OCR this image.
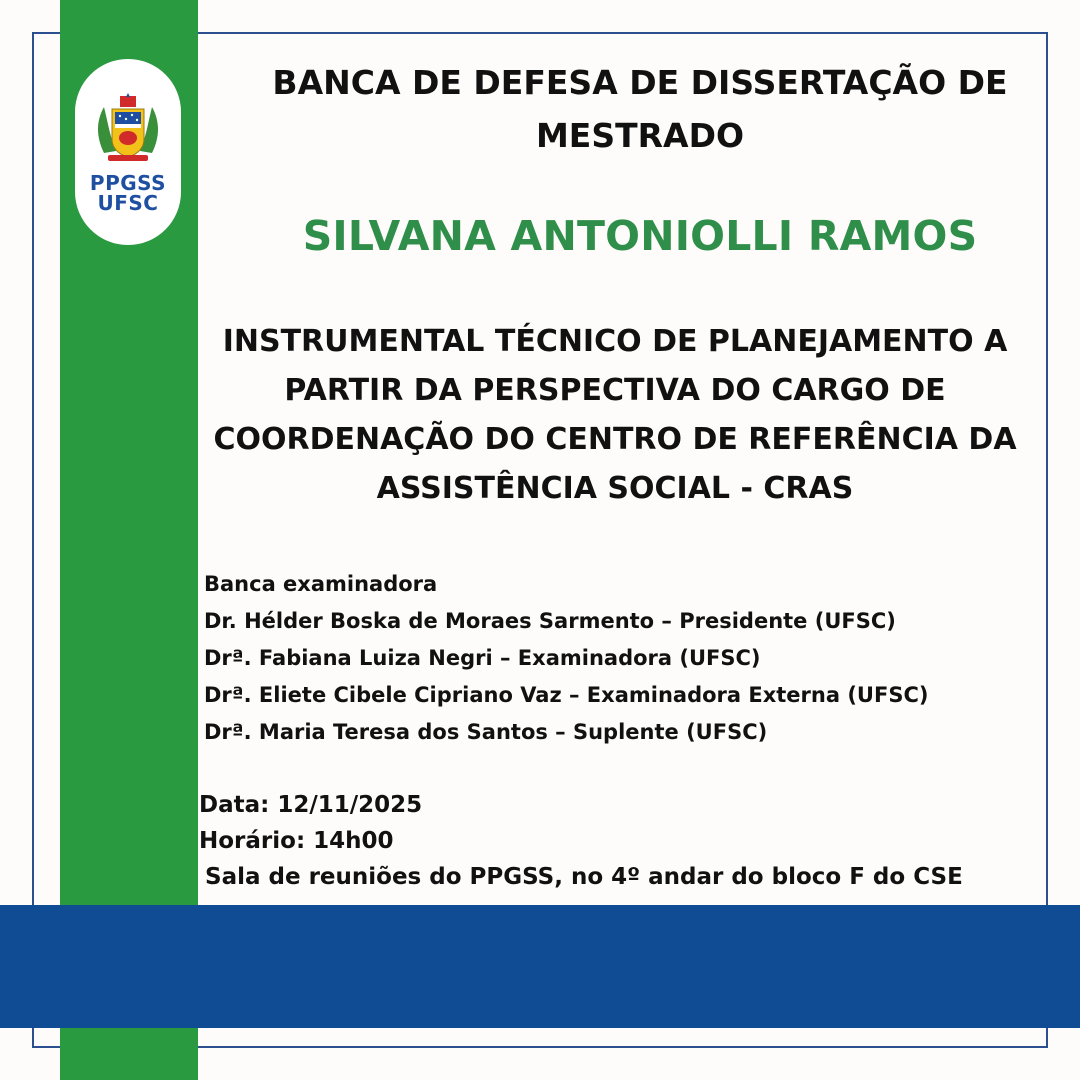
PPGSS
UFSC
BANCA DE DEFESA DE DISSERTAÇÃO DE
MESTRADO
SILVANA ANTONIOLLI RAMOS
INSTRUMENTAL TÉCNICO DE PLANEJAMENTO A
PARTIR DA PERSPECTIVA DO CARGO DE
COORDENAÇÃO DO CENTRO DE REFERÊNCIA DA
ASSISTÊNCIA SOCIAL - CRAS
Banca examinadora
Dr. Hélder Boska de Moraes Sarmento – Presidente (UFSC)
Drª. Fabiana Luiza Negri – Examinadora (UFSC)
Drª. Eliete Cibele Cipriano Vaz – Examinadora Externa (UFSC)
Drª. Maria Teresa dos Santos – Suplente (UFSC)
Data: 12/11/2025
Horário: 14h00
Sala de reuniões do PPGSS, no 4º andar do bloco F do CSE
